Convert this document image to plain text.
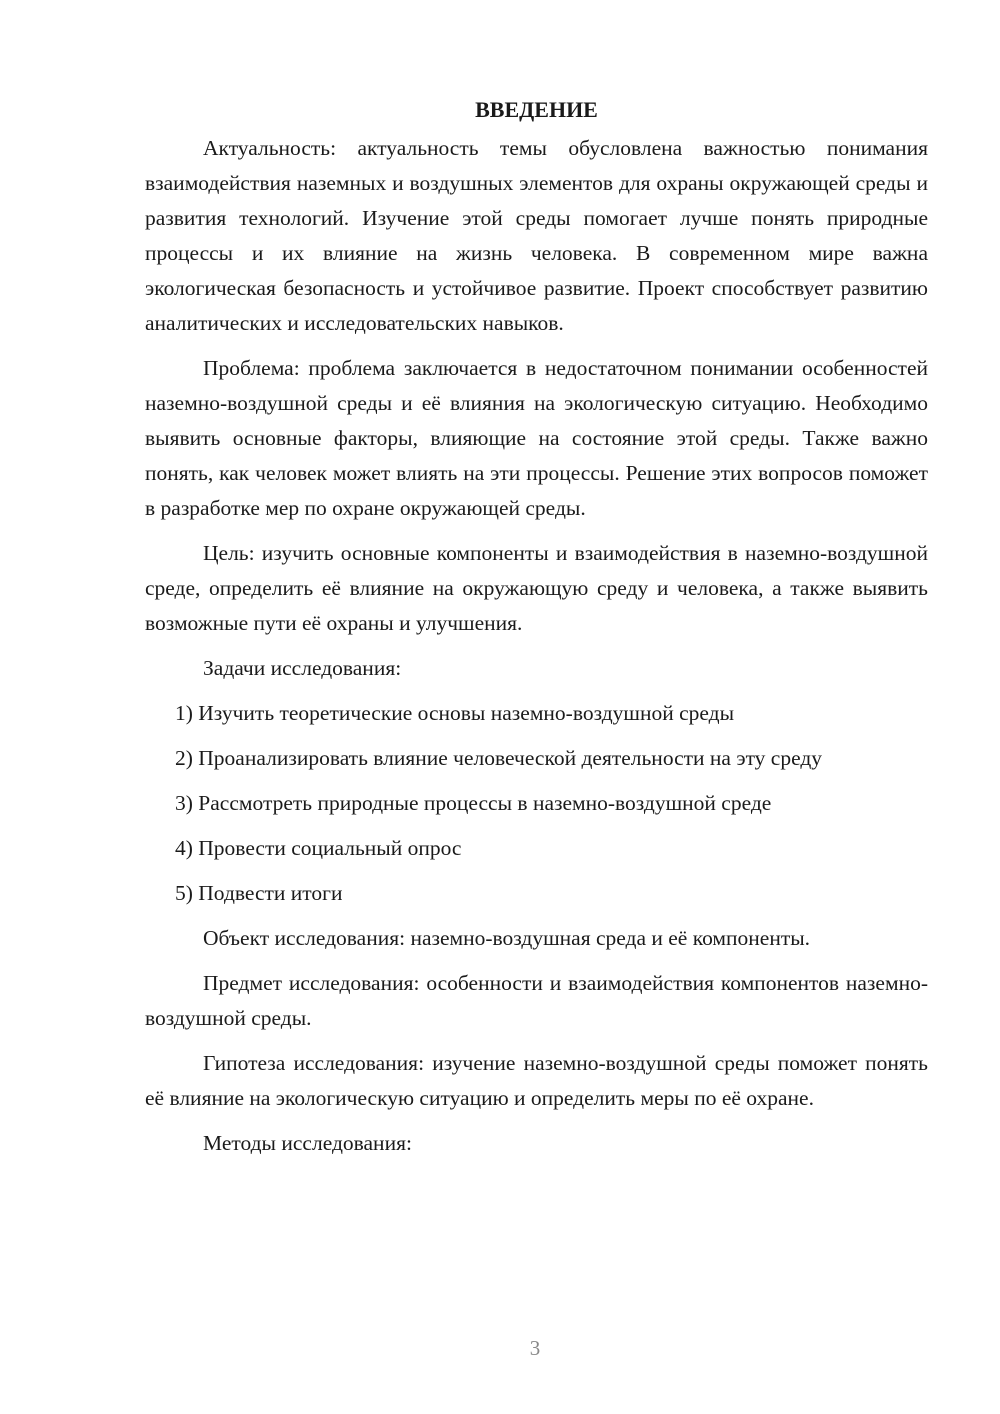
ВВЕДЕНИЕ

Актуальность: актуальность темы обусловлена важностью понимания взаимодействия наземных и воздушных элементов для охраны окружающей среды и развития технологий. Изучение этой среды помогает лучше понять природные процессы и их влияние на жизнь человека. В современном мире важна экологическая безопасность и устойчивое развитие. Проект способствует развитию аналитических и исследовательских навыков.

Проблема: проблема заключается в недостаточном понимании особенностей наземно-воздушной среды и её влияния на экологическую ситуацию. Необходимо выявить основные факторы, влияющие на состояние этой среды. Также важно понять, как человек может влиять на эти процессы. Решение этих вопросов поможет в разработке мер по охране окружающей среды.

Цель: изучить основные компоненты и взаимодействия в наземно-воздушной среде, определить её влияние на окружающую среду и человека, а также выявить возможные пути её охраны и улучшения.

Задачи исследования:

1) Изучить теоретические основы наземно-воздушной среды
2) Проанализировать влияние человеческой деятельности на эту среду
3) Рассмотреть природные процессы в наземно-воздушной среде
4) Провести социальный опрос
5) Подвести итоги

Объект исследования: наземно-воздушная среда и её компоненты.

Предмет исследования: особенности и взаимодействия компонентов наземно-воздушной среды.

Гипотеза исследования: изучение наземно-воздушной среды поможет понять её влияние на экологическую ситуацию и определить меры по её охране.

Методы исследования:

3
